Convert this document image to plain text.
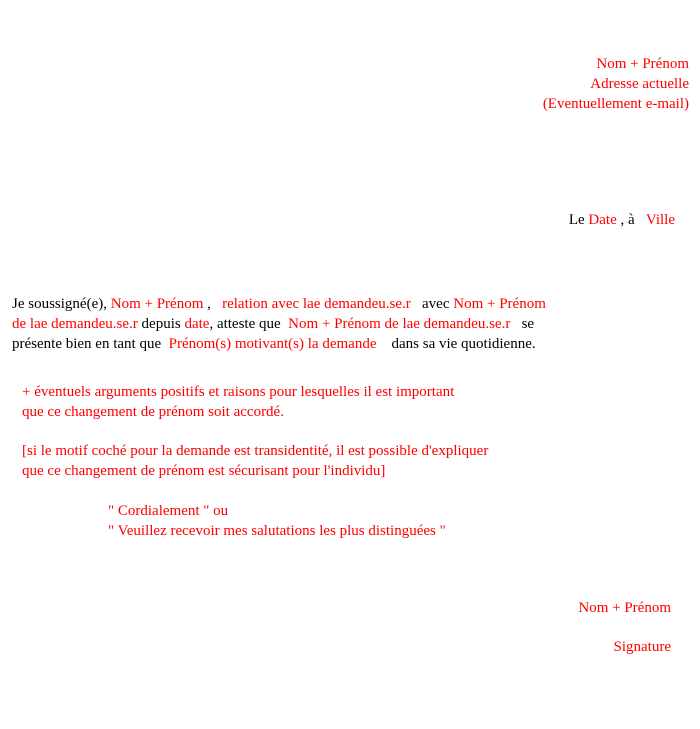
Nom + Prénom
Adresse actuelle
(Eventuellement e-mail)
Le Date , à   Ville
Je soussigné(e), Nom + Prénom ,   relation avec lae demandeu.se.r   avec Nom + Prénom
de lae demandeu.se.r depuis date, atteste que  Nom + Prénom de lae demandeu.se.r   se
présente bien en tant que  Prénom(s) motivant(s) la demande    dans sa vie quotidienne.
+ éventuels arguments positifs et raisons pour lesquelles il est important
que ce changement de prénom soit accordé.
[si le motif coché pour la demande est transidentité, il est possible d'expliquer
que ce changement de prénom est sécurisant pour l'individu]
" Cordialement " ou
" Veuillez recevoir mes salutations les plus distinguées "
Nom + Prénom
Signature
